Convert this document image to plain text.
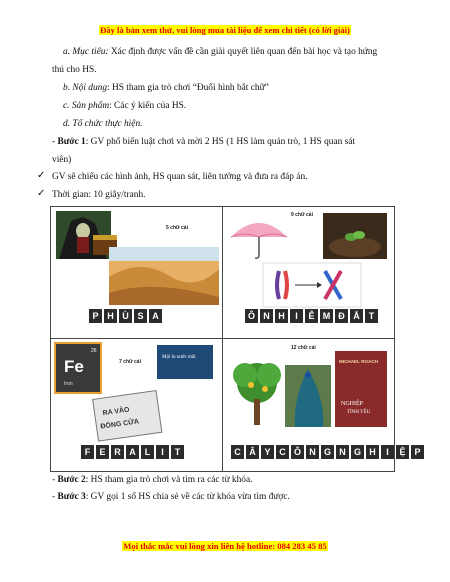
Đây là bản xem thử, vui lòng mua tài liệu để xem chi tiết (có lời giải)
a. Mục tiêu: Xác định được vấn đề cần giải quyết liên quan đến bài học và tạo hứng
thú cho HS.
b. Nội dung: HS tham gia trò chơi “Đuổi hình bắt chữ”
c. Sản phẩm: Các ý kiến của HS.
d. Tổ chức thực hiện.
- Bước 1: GV phổ biến luật chơi và mời 2 HS (1 HS làm quản trò, 1 HS quan sát
viên)
✓ GV sẽ chiếu các hình ảnh, HS quan sát, liên tưởng và đưa ra đáp án.
✓ Thời gian: 10 giây/tranh.
5 chữ cái
P H Ù S A
9 chữ cái
Ô N H	I	Ễ M Đ Ắ	T
Fe
26
Iron
7 chữ cái
Mội lu nước mắt
RA VÀO
ĐÓNG CỬA
F	E R A	L	I	T
12 chữ cái
MICHAEL ROACH
NGHIỆP
TÌNH YÊU
C Â Y C Ô N G N G H	I	Ệ P
- Bước 2: HS tham gia trò chơi và tìm ra các từ khóa.
- Bước 3: GV gọi 1 số HS chia sẻ về các từ khóa vừa tìm được.
Mọi thắc mắc vui lòng xin liên hệ hotline: 084 283 45 85
